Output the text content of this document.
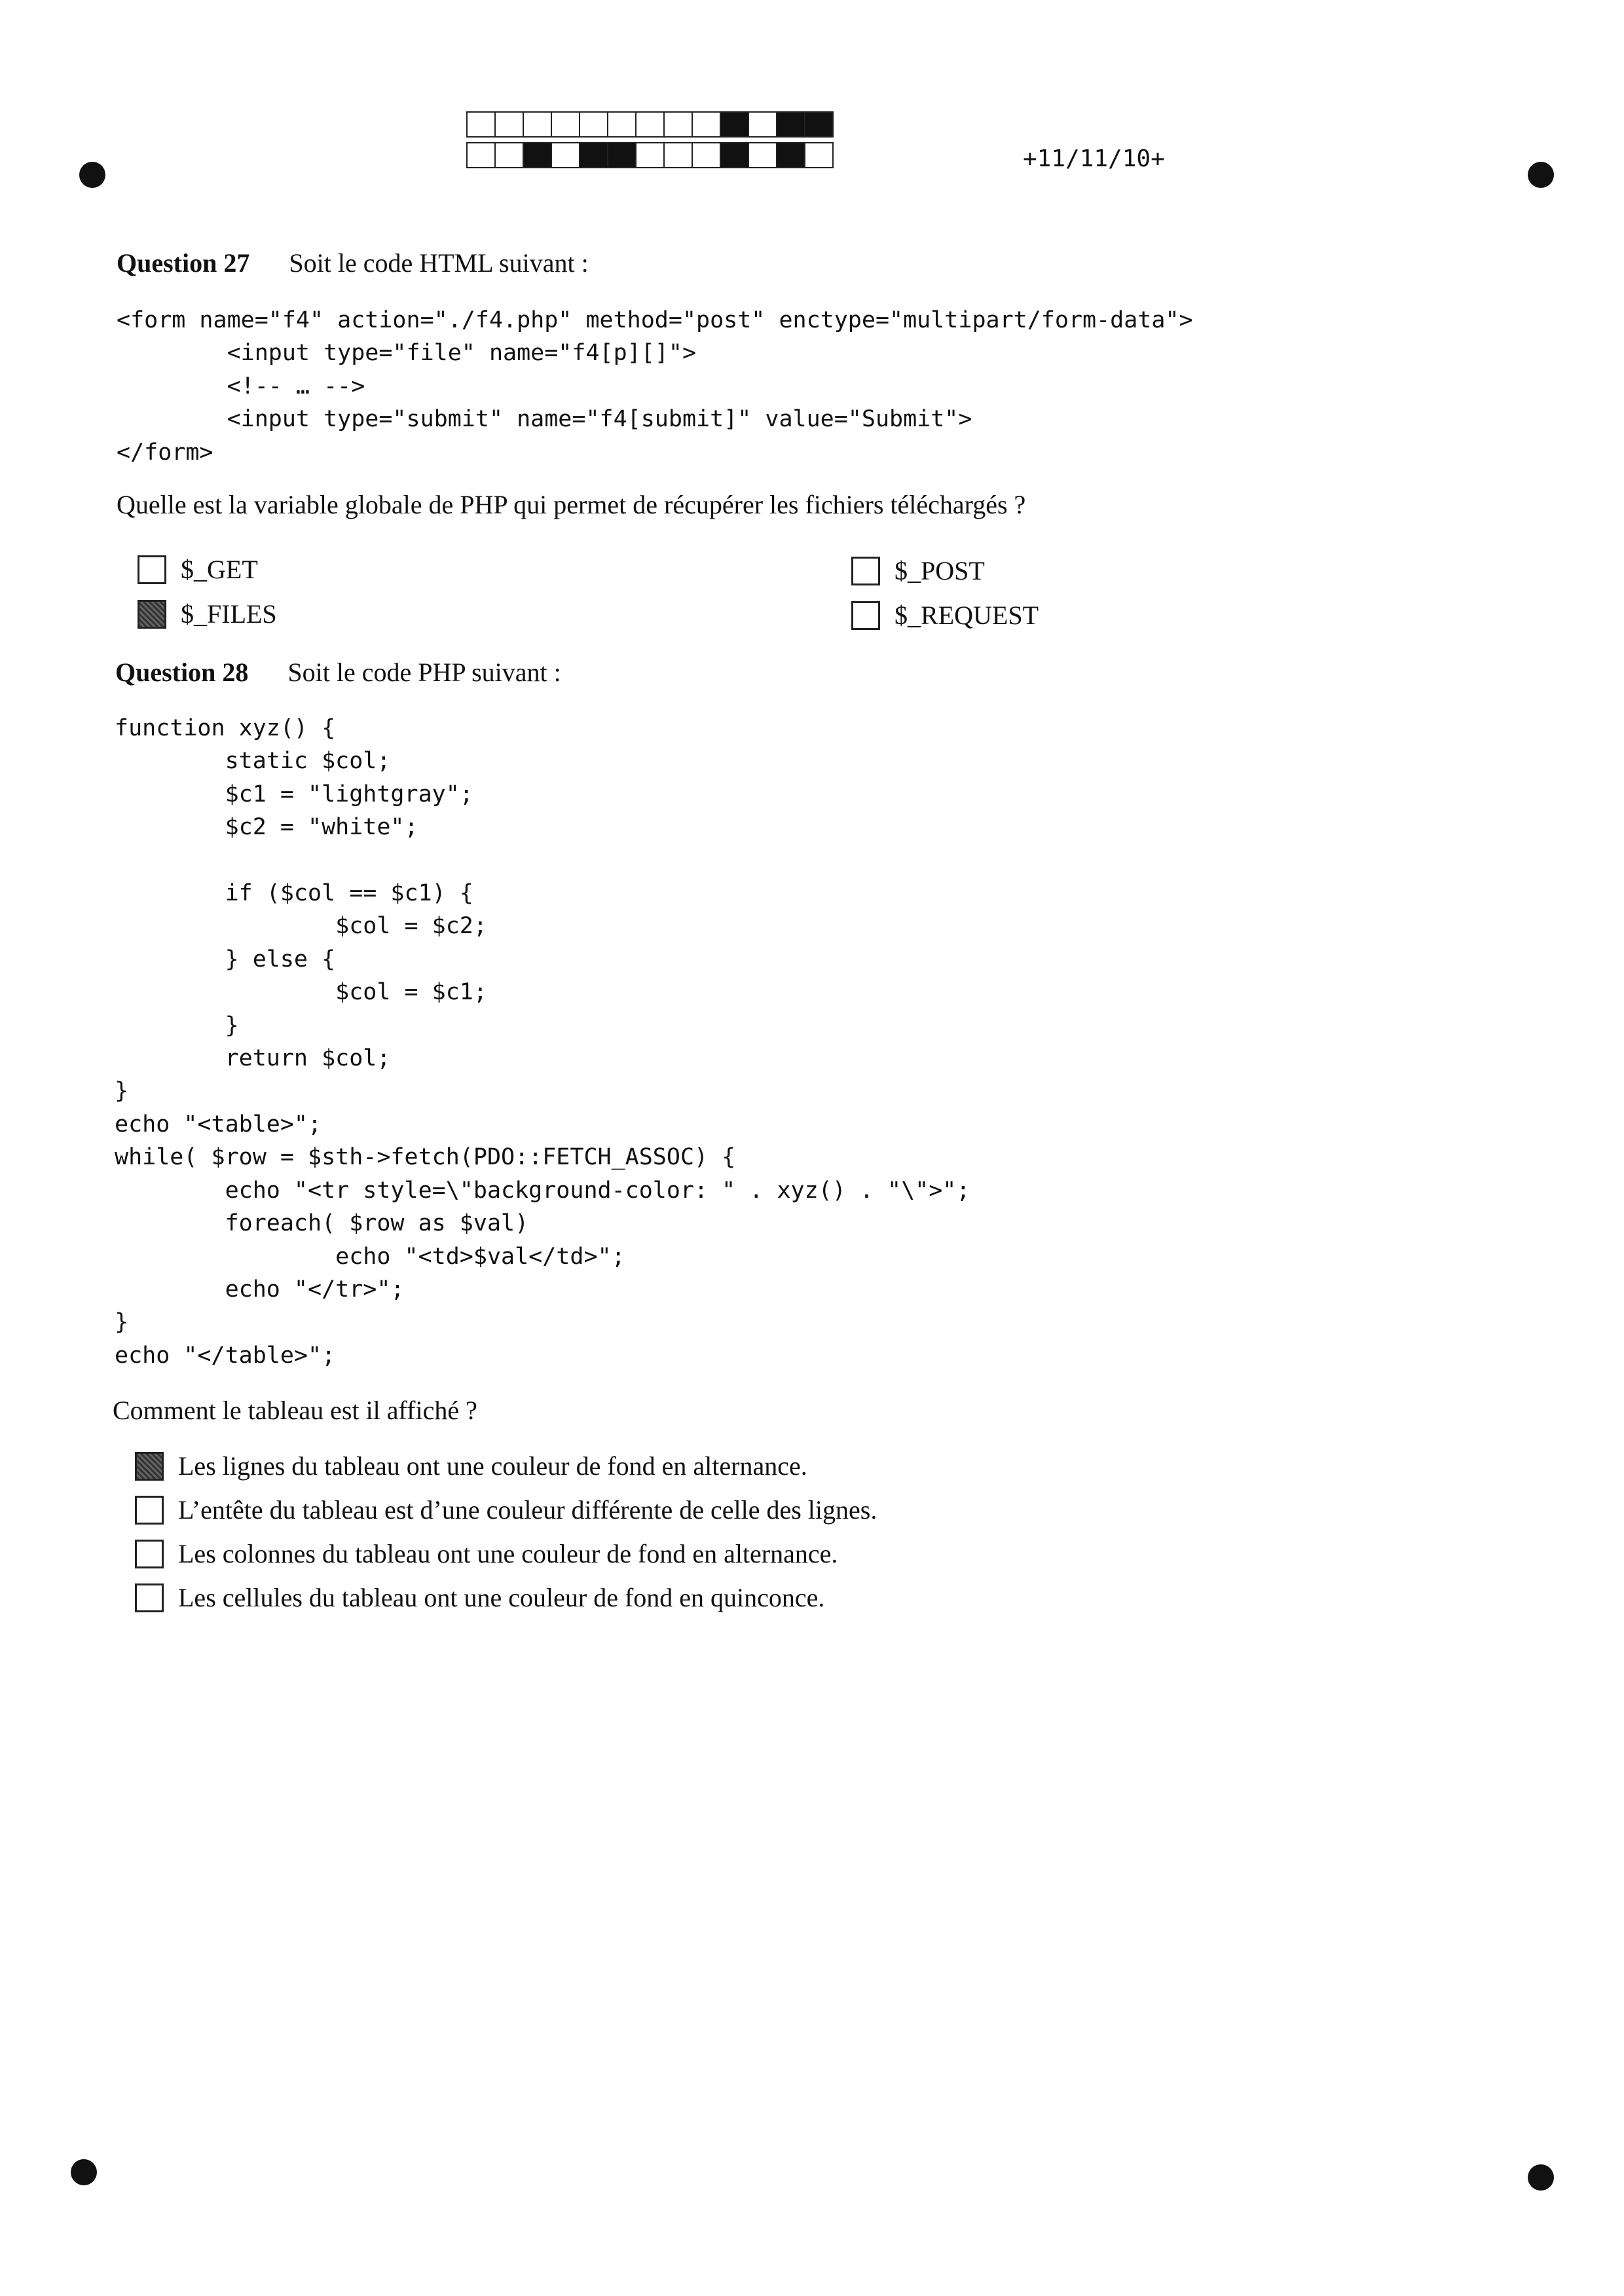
+11/11/10+
Question 27 Soit le code HTML suivant :
<form name="f4" action="./f4.php" method="post" enctype="multipart/form-data">
<input type="file" name="f4[p][]">
<!-- … -->
<input type="submit" name="f4[submit]" value="Submit">
</form>
Quelle est la variable globale de PHP qui permet de récupérer les fichiers téléchargés ?
$_GET	$_POST
$_FILES	$_REQUEST
Question 28 Soit le code PHP suivant :
function xyz() {
static $col;
$c1 = "lightgray";
$c2 = "white";

if ($col == $c1) {
$col = $c2;
} else {
$col = $c1;
}
return $col;
}
echo "<table>";
while( $row = $sth->fetch(PDO::FETCH_ASSOC) {
echo "<tr style=\"background-color: " . xyz() . "\">";
foreach( $row as $val)
echo "<td>$val</td>";
echo "</tr>";
}
echo "</table>";
Comment le tableau est il affiché ?
Les lignes du tableau ont une couleur de fond en alternance.
L’entête du tableau est d’une couleur différente de celle des lignes.
Les colonnes du tableau ont une couleur de fond en alternance.
Les cellules du tableau ont une couleur de fond en quinconce.
